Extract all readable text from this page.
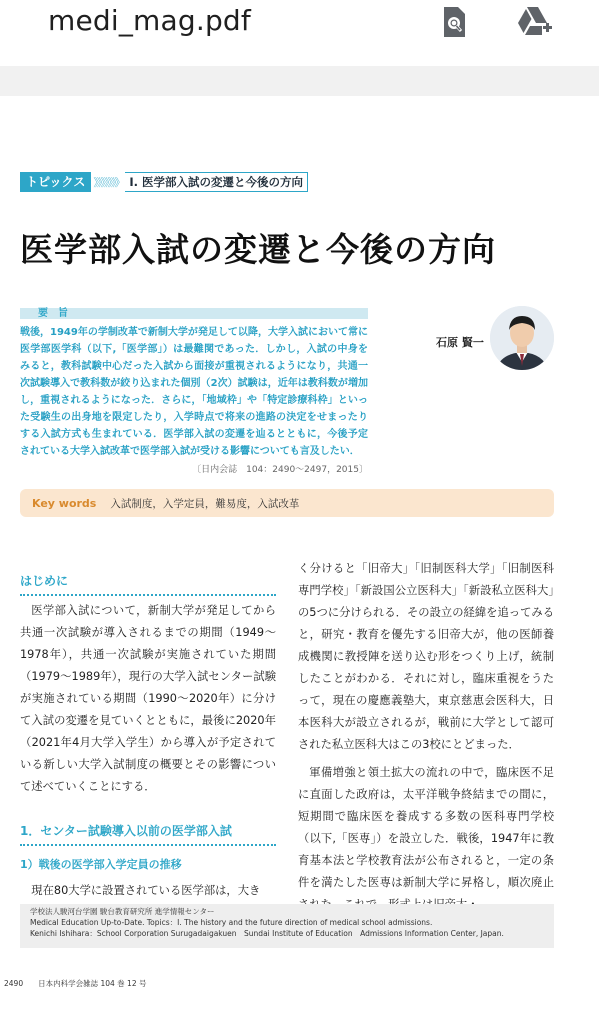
medi_mag.pdf
トピックス 》》》》》》》 Ⅰ. 医学部入試の変遷と今後の方向
医学部入試の変遷と今後の方向
要　旨
戦後，1949年の学制改革で新制大学が発足して以降，大学入試において常に医学部医学科（以下,「医学部」）は最難関であった．しかし，入試の中身をみると，教科試験中心だった入試から面接が重視されるようになり，共通一次試験導入で教科数が絞り込まれた個別（2次）試験は，近年は教科数が増加し，重視されるようになった．さらに，「地域枠」や「特定診療科枠」といった受験生の出身地を限定したり，入学時点で将来の進路の決定をせまったりする入試方式も生まれている．医学部入試の変遷を辿るとともに，今後予定されている大学入試改革で医学部入試が受ける影響についても言及したい．
〔日内会誌　104：2490〜2497，2015〕
石原 賢一
Key words 入試制度，入学定員，難易度，入試改革
はじめに

医学部入試について，新制大学が発足してから共通一次試験が導入されるまでの期間（1949〜1978年），共通一次試験が実施されていた期間（1979〜1989年），現行の大学入試センター試験が実施されている期間（1990〜2020年）に分けて入試の変遷を見ていくとともに，最後に2020年（2021年4月大学入学生）から導入が予定されている新しい大学入試制度の概要とその影響について述べていくことにする．

1．センター試験導入以前の医学部入試
1）戦後の医学部入学定員の推移

現在80大学に設置されている医学部は，大き

く分けると「旧帝大」「旧制医科大学」「旧制医科専門学校」「新設国公立医科大」「新設私立医科大」の5つに分けられる．その設立の経緯を追ってみると，研究・教育を優先する旧帝大が，他の医師養成機関に教授陣を送り込む形をつくり上げ，統制したことがわかる．それに対し，臨床重視をうたって，現在の慶應義塾大，東京慈恵会医科大，日本医科大が設立されるが，戦前に大学として認可された私立医科大はこの3校にとどまった．

軍備増強と領土拡大の流れの中で，臨床医不足に直面した政府は，太平洋戦争終結までの間に，短期間で臨床医を養成する多数の医科専門学校（以下,「医専」）を設立した．戦後，1947年に教育基本法と学校教育法が公布されると，一定の条件を満たした医専は新制大学に昇格し，順次廃止

学校法人駿河台学園 駿台教育研究所 進学情報センター
Medical Education Up-to-Date. Topics：Ⅰ. The history and the future direction of medical school admissions.
Kenichi Ishihara：School Corporation Surugadaigakuen　Sundai Institute of Education　Admissions Information Center, Japan.
2490　　日本内科学会雑誌 104 巻 12 号
